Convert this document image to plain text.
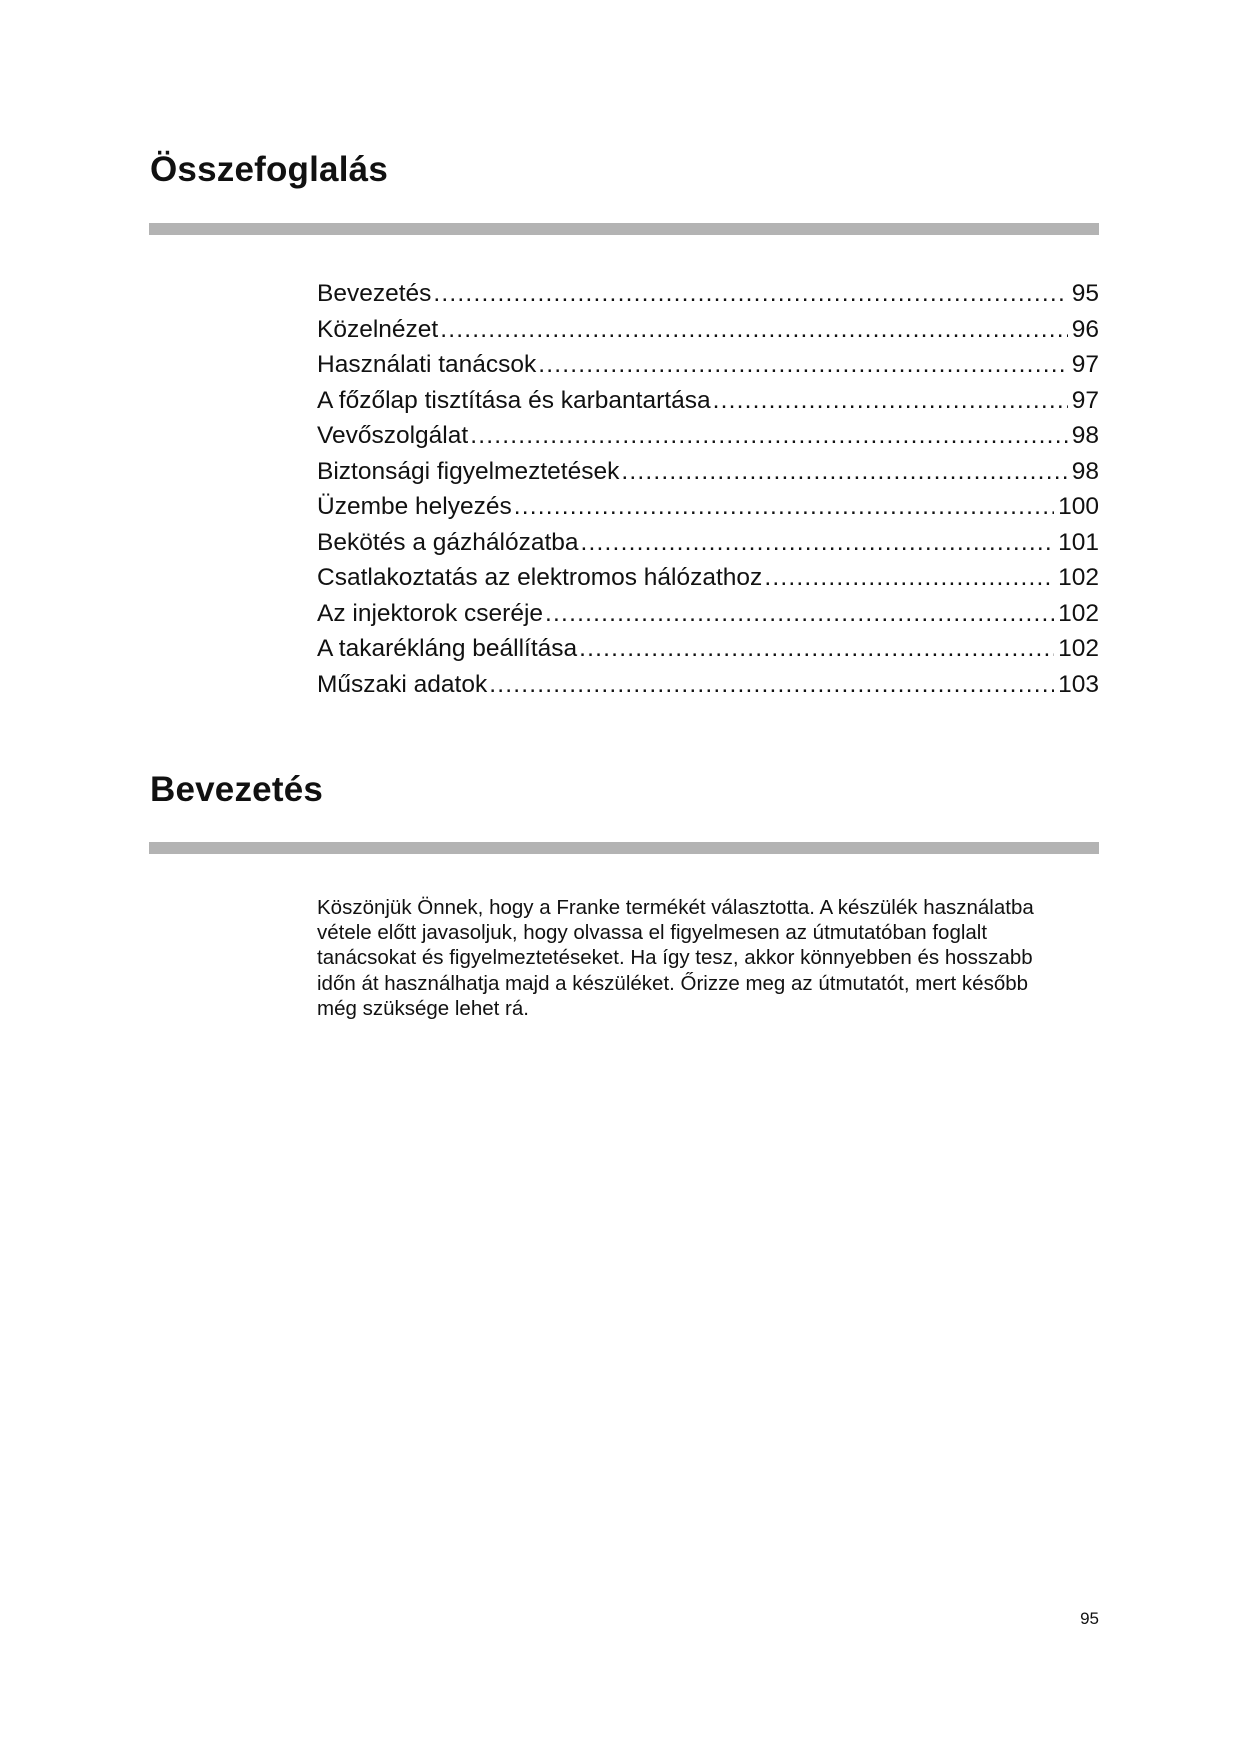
Összefoglalás
Bevezetés .....	95
Közelnézet .....	96
Használati tanácsok .....	97
A főzőlap tisztítása és karbantartása .....	97
Vevőszolgálat .....	98
Biztonsági figyelmeztetések .....	98
Üzembe helyezés .....	100
Bekötés a gázhálózatba .....	101
Csatlakoztatás az elektromos hálózathoz .....	102
Az injektorok cseréje .....	102
A takarékláng beállítása .....	102
Műszaki adatok .....	103
Bevezetés

Köszönjük Önnek, hogy a Franke termékét választotta. A készülék használatba
vétele előtt javasoljuk, hogy olvassa el figyelmesen az útmutatóban foglalt
tanácsokat és figyelmeztetéseket. Ha így tesz, akkor könnyebben és hosszabb
időn át használhatja majd a készüléket. Őrizze meg az útmutatót, mert később
még szüksége lehet rá.

95
